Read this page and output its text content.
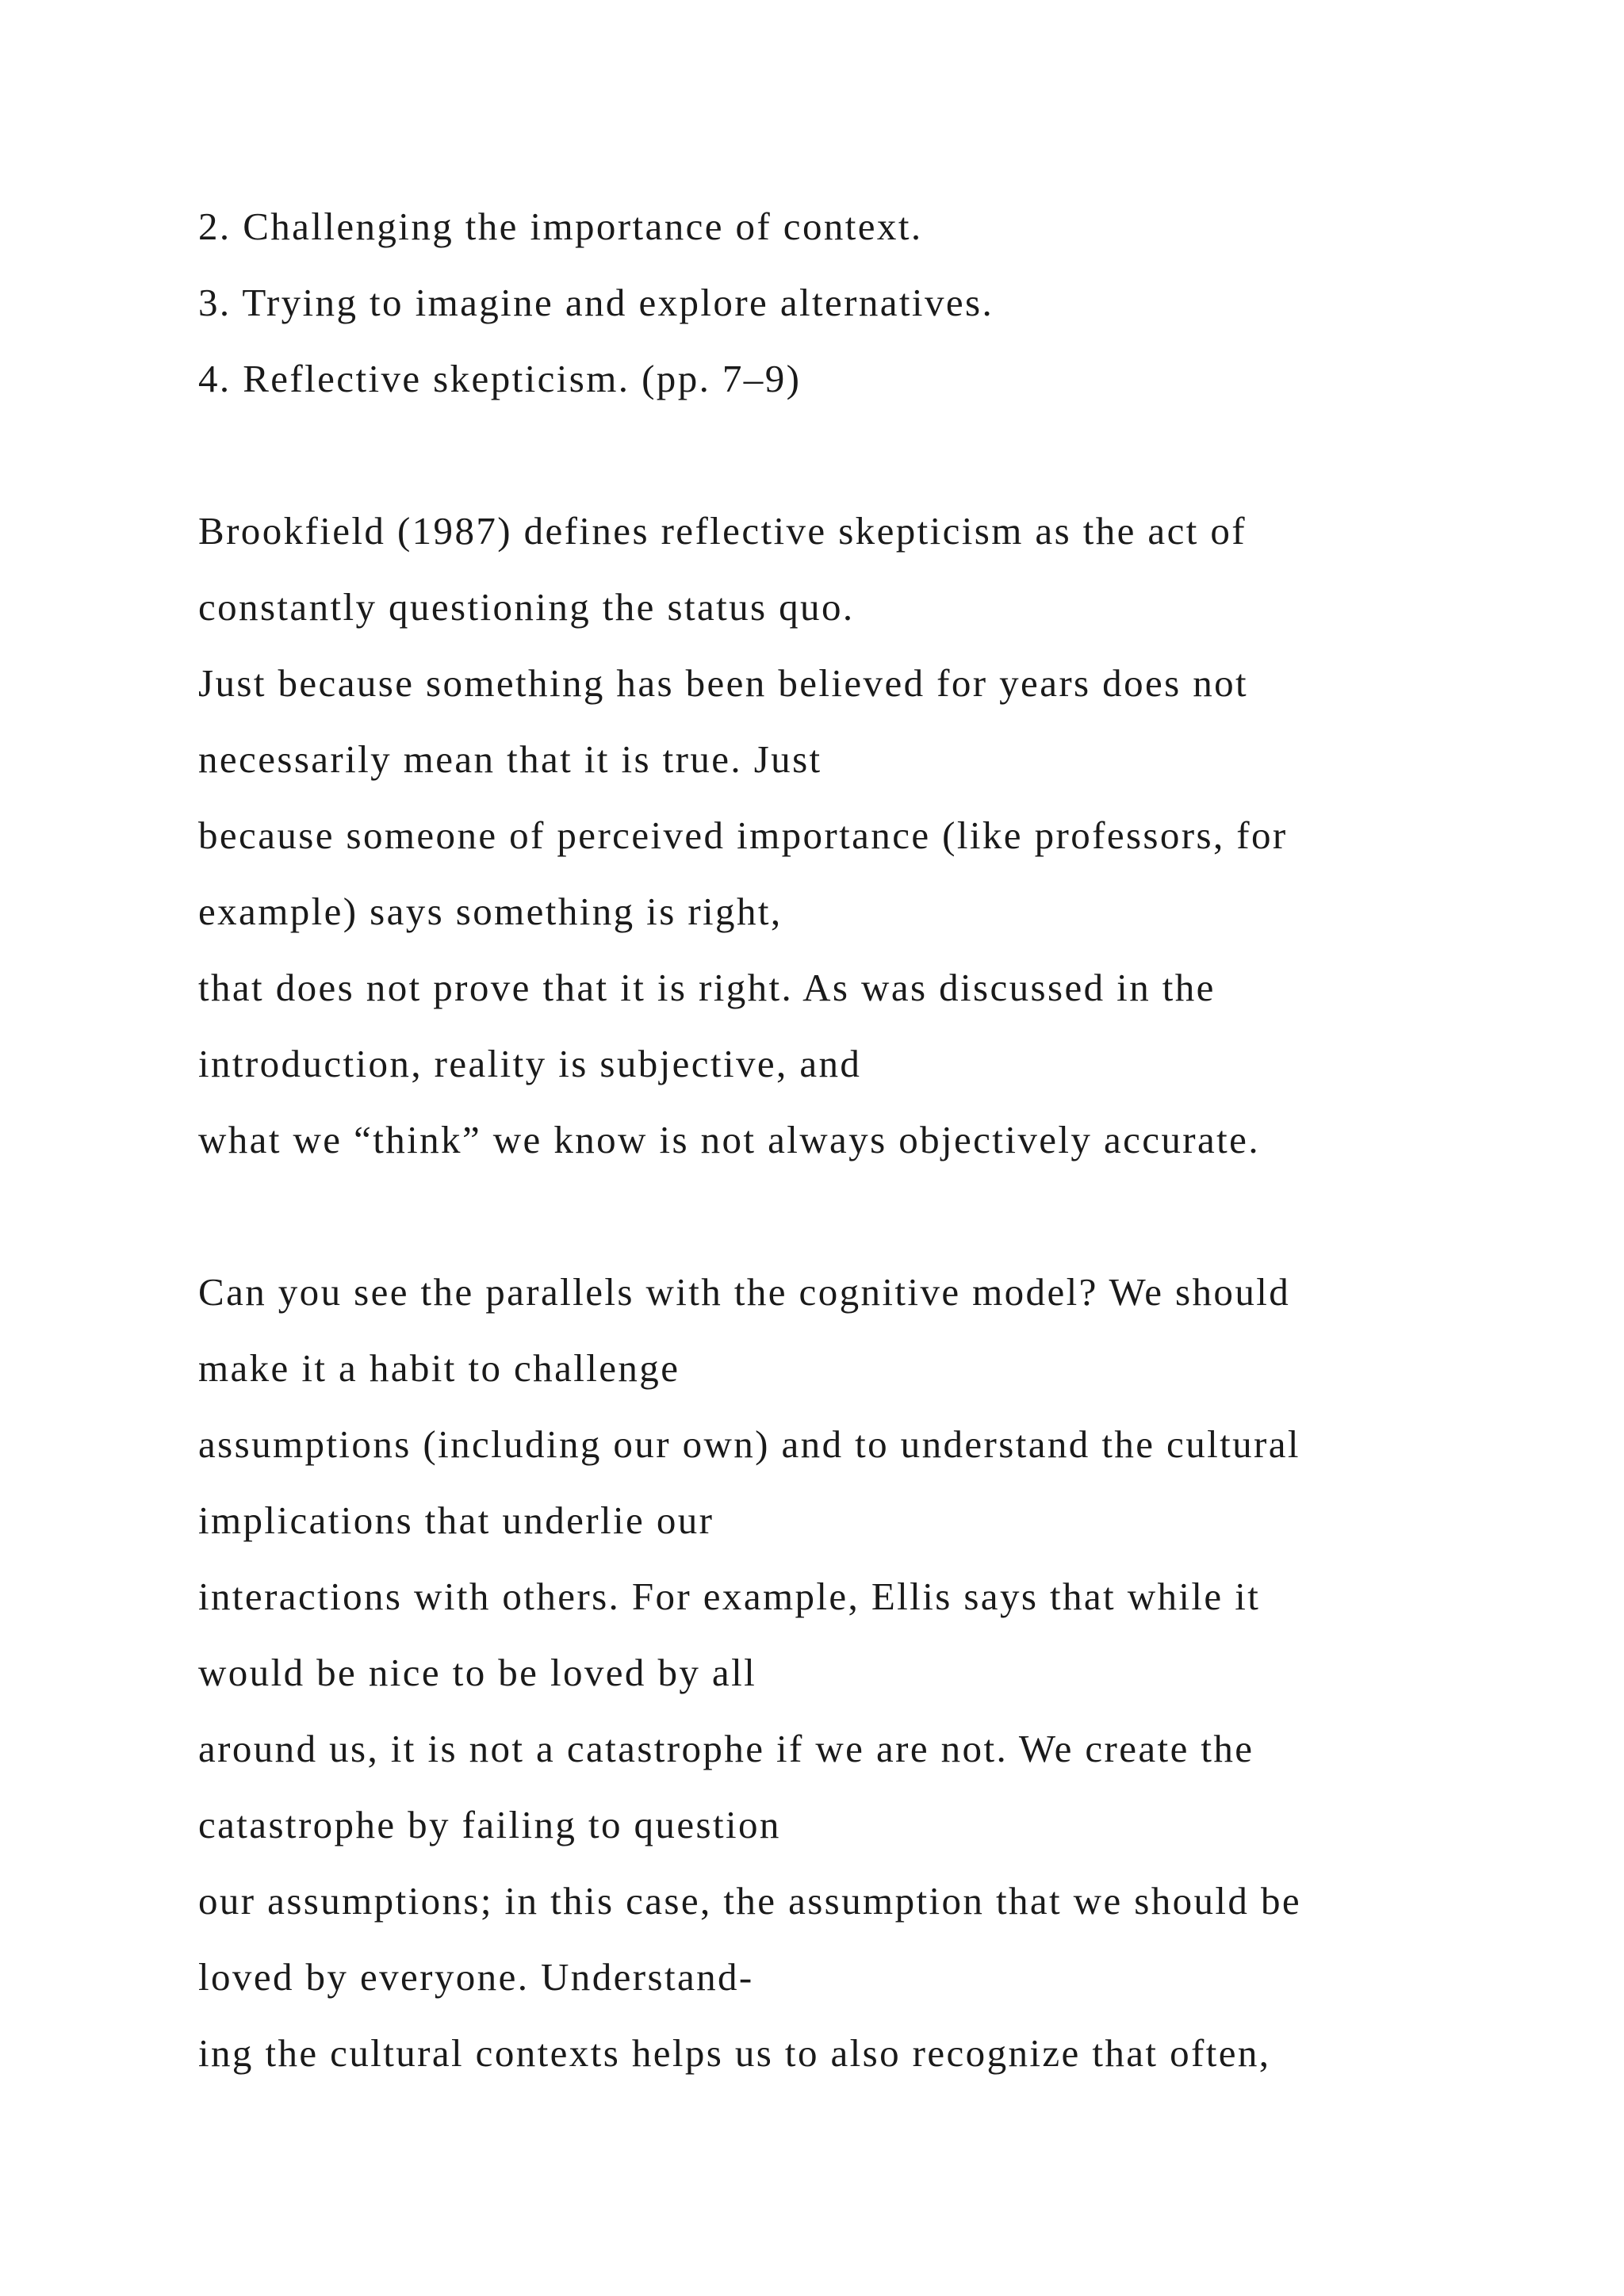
2. Challenging the importance of context.
3. Trying to imagine and explore alternatives.
4. Reflective skepticism. (pp. 7–9)
Brookfield (1987) defines reflective skepticism as the act of
constantly questioning the status quo.
Just because something has been believed for years does not
necessarily mean that it is true. Just
because someone of perceived importance (like professors, for
example) says something is right,
that does not prove that it is right. As was discussed in the
introduction, reality is subjective, and
what we “think” we know is not always objectively accurate.
Can you see the parallels with the cognitive model? We should
make it a habit to challenge
assumptions (including our own) and to understand the cultural
implications that underlie our
interactions with others. For example, Ellis says that while it
would be nice to be loved by all
around us, it is not a catastrophe if we are not. We create the
catastrophe by failing to question
our assumptions; in this case, the assumption that we should be
loved by everyone. Understand-
ing the cultural contexts helps us to also recognize that often,
